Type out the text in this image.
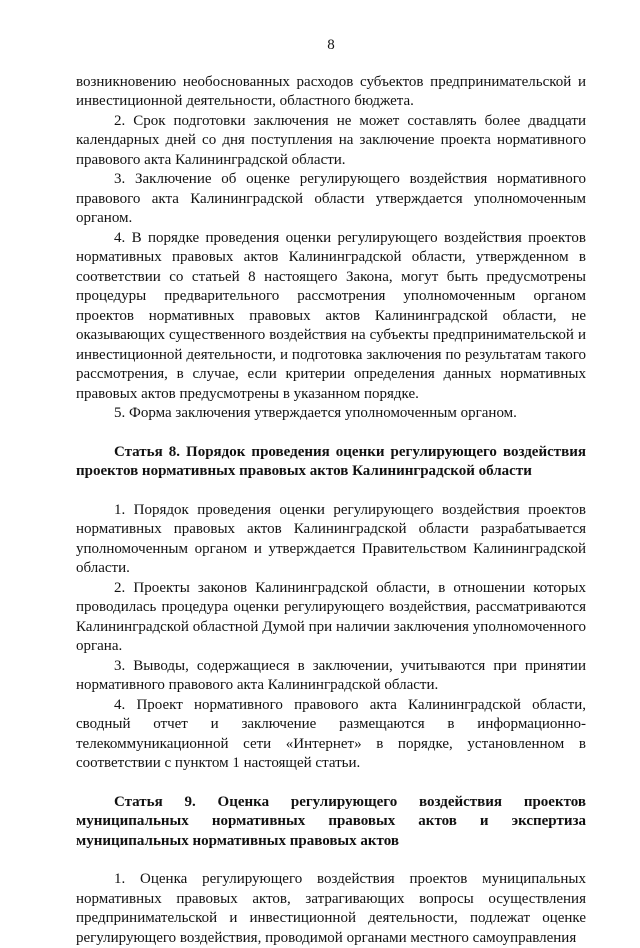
8

возникновению необоснованных расходов субъектов предпринимательской и инвестиционной деятельности, областного бюджета.

2. Срок подготовки заключения не может составлять более двадцати календарных дней со дня поступления на заключение проекта нормативного правового акта Калининградской области.

3. Заключение об оценке регулирующего воздействия нормативного правового акта Калининградской области утверждается уполномоченным органом.

4. В порядке проведения оценки регулирующего воздействия проектов нормативных правовых актов Калининградской области, утвержденном в соответствии со статьей 8 настоящего Закона, могут быть предусмотрены процедуры предварительного рассмотрения уполномоченным органом проектов нормативных правовых актов Калининградской области, не оказывающих существенного воздействия на субъекты предпринимательской и инвестиционной деятельности, и подготовка заключения по результатам такого рассмотрения, в случае, если критерии определения данных нормативных правовых актов предусмотрены в указанном порядке.

5. Форма заключения утверждается уполномоченным органом.

Статья 8. Порядок проведения оценки регулирующего воздействия проектов нормативных правовых актов Калининградской области

1. Порядок проведения оценки регулирующего воздействия проектов нормативных правовых актов Калининградской области разрабатывается уполномоченным органом и утверждается Правительством Калининградской области.

2. Проекты законов Калининградской области, в отношении которых проводилась процедура оценки регулирующего воздействия, рассматриваются Калининградской областной Думой при наличии заключения уполномоченного органа.

3. Выводы, содержащиеся в заключении, учитываются при принятии нормативного правового акта Калининградской области.

4. Проект нормативного правового акта Калининградской области, сводный отчет и заключение размещаются в информационно-телекоммуникационной сети «Интернет» в порядке, установленном в соответствии с пунктом 1 настоящей статьи.

Статья 9. Оценка регулирующего воздействия проектов муниципальных нормативных правовых актов и экспертиза муниципальных нормативных правовых актов

1. Оценка регулирующего воздействия проектов муниципальных нормативных правовых актов, затрагивающих вопросы осуществления предпринимательской и инвестиционной деятельности, подлежат оценке регулирующего воздействия, проводимой органами местного самоуправления
